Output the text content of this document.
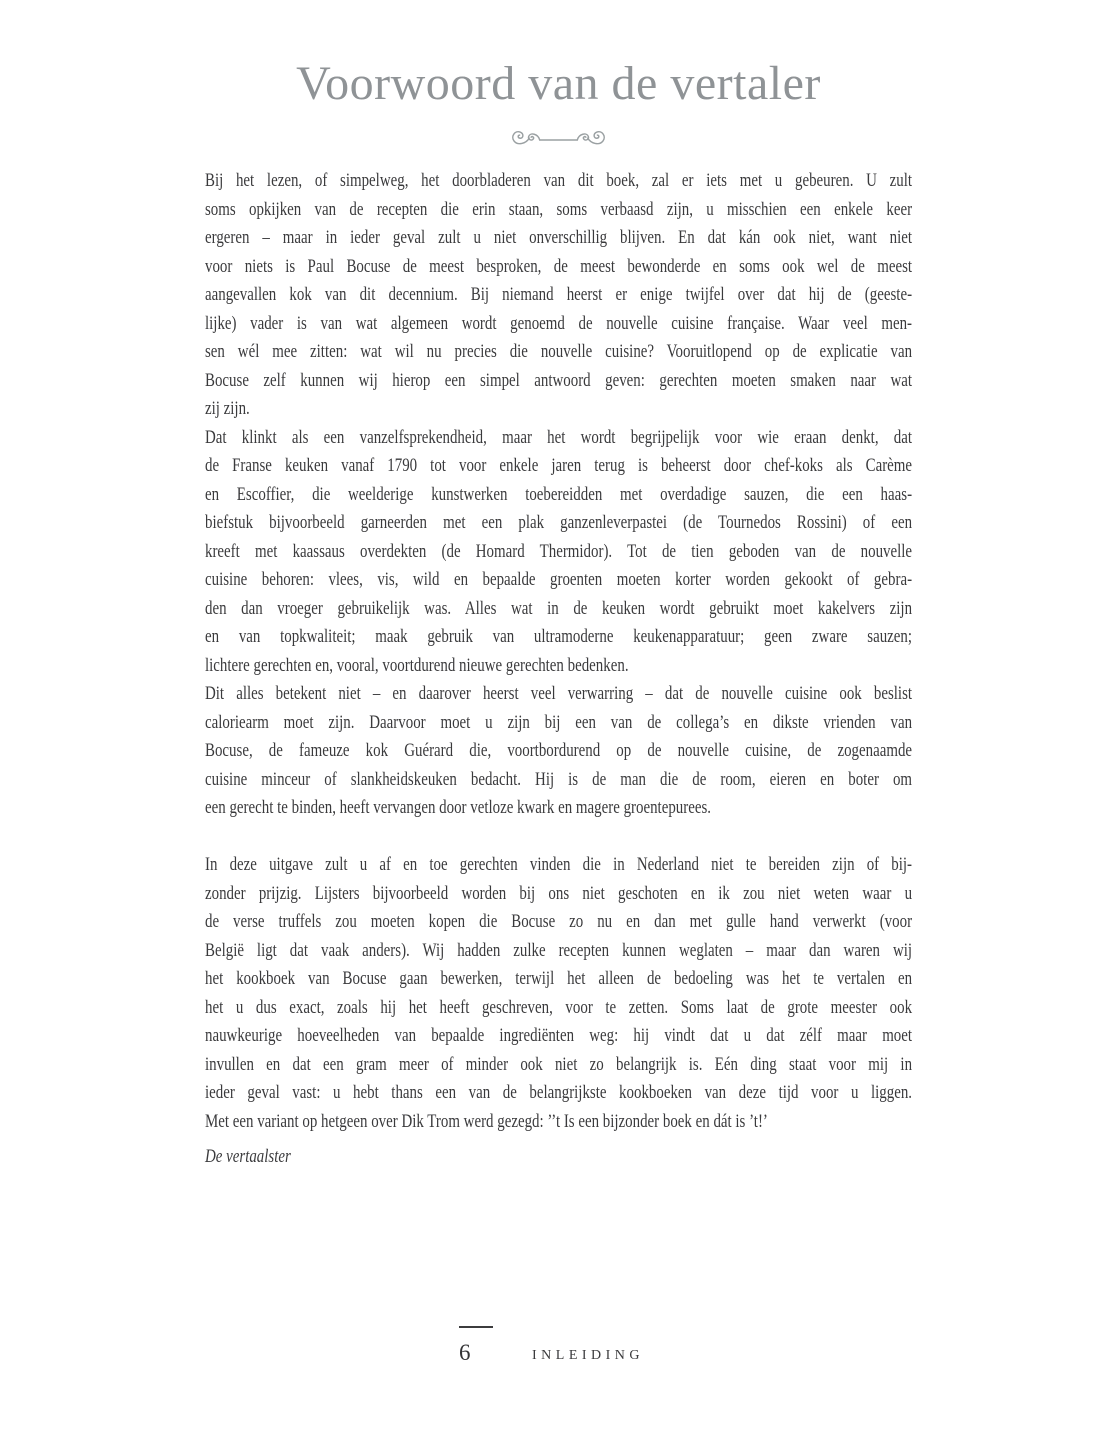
Voorwoord van de vertaler
Bij het lezen, of simpelweg, het doorbladeren van dit boek, zal er iets met u gebeuren. U zult
soms opkijken van de recepten die erin staan, soms verbaasd zijn, u misschien een enkele keer
ergeren – maar in ieder geval zult u niet onverschillig blijven. En dat kán ook niet, want niet
voor niets is Paul Bocuse de meest besproken, de meest bewonderde en soms ook wel de meest
aangevallen kok van dit decennium. Bij niemand heerst er enige twijfel over dat hij de (geeste-
lijke) vader is van wat algemeen wordt genoemd de nouvelle cuisine française. Waar veel men-
sen wél mee zitten: wat wil nu precies die nouvelle cuisine? Vooruitlopend op de explicatie van
Bocuse zelf kunnen wij hierop een simpel antwoord geven: gerechten moeten smaken naar wat
zij zijn.
Dat klinkt als een vanzelfsprekendheid, maar het wordt begrijpelijk voor wie eraan denkt, dat
de Franse keuken vanaf 1790 tot voor enkele jaren terug is beheerst door chef-koks als Carème
en Escoffier, die weelderige kunstwerken toebereidden met overdadige sauzen, die een haas-
biefstuk bijvoorbeeld garneerden met een plak ganzenleverpastei (de Tournedos Rossini) of een
kreeft met kaassaus overdekten (de Homard Thermidor). Tot de tien geboden van de nouvelle
cuisine behoren: vlees, vis, wild en bepaalde groenten moeten korter worden gekookt of gebra-
den dan vroeger gebruikelijk was. Alles wat in de keuken wordt gebruikt moet kakelvers zijn
en van topkwaliteit; maak gebruik van ultramoderne keukenapparatuur; geen zware sauzen;
lichtere gerechten en, vooral, voortdurend nieuwe gerechten bedenken.
Dit alles betekent niet – en daarover heerst veel verwarring – dat de nouvelle cuisine ook beslist
caloriearm moet zijn. Daarvoor moet u zijn bij een van de collega’s en dikste vrienden van
Bocuse, de fameuze kok Guérard die, voortbordurend op de nouvelle cuisine, de zogenaamde
cuisine minceur of slankheidskeuken bedacht. Hij is de man die de room, eieren en boter om
een gerecht te binden, heeft vervangen door vetloze kwark en magere groentepurees.
In deze uitgave zult u af en toe gerechten vinden die in Nederland niet te bereiden zijn of bij-
zonder prijzig. Lijsters bijvoorbeeld worden bij ons niet geschoten en ik zou niet weten waar u
de verse truffels zou moeten kopen die Bocuse zo nu en dan met gulle hand verwerkt (voor
België ligt dat vaak anders). Wij hadden zulke recepten kunnen weglaten – maar dan waren wij
het kookboek van Bocuse gaan bewerken, terwijl het alleen de bedoeling was het te vertalen en
het u dus exact, zoals hij het heeft geschreven, voor te zetten. Soms laat de grote meester ook
nauwkeurige hoeveelheden van bepaalde ingrediënten weg: hij vindt dat u dat zélf maar moet
invullen en dat een gram meer of minder ook niet zo belangrijk is. Eén ding staat voor mij in
ieder geval vast: u hebt thans een van de belangrijkste kookboeken van deze tijd voor u liggen.
Met een variant op hetgeen over Dik Trom werd gezegd: ’’t Is een bijzonder boek en dát is ’t!’
De vertaalster
6	INLEIDING
